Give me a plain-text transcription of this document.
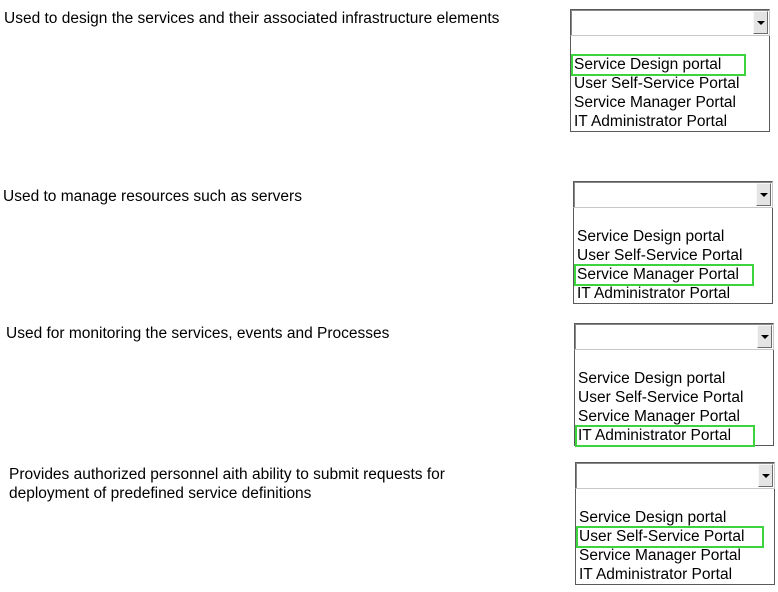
Used to design the services and their associated infrastructure elements
Service Design portal
User Self-Service Portal
Service Manager Portal
IT Administrator Portal
Used to manage resources such as servers
Service Design portal
User Self-Service Portal
Service Manager Portal
IT Administrator Portal
Used for monitoring the services, events and Processes
Service Design portal
User Self-Service Portal
Service Manager Portal
IT Administrator Portal
Provides authorized personnel aith ability to submit requests for
deployment of predefined service definitions
Service Design portal
User Self-Service Portal
Service Manager Portal
IT Administrator Portal
